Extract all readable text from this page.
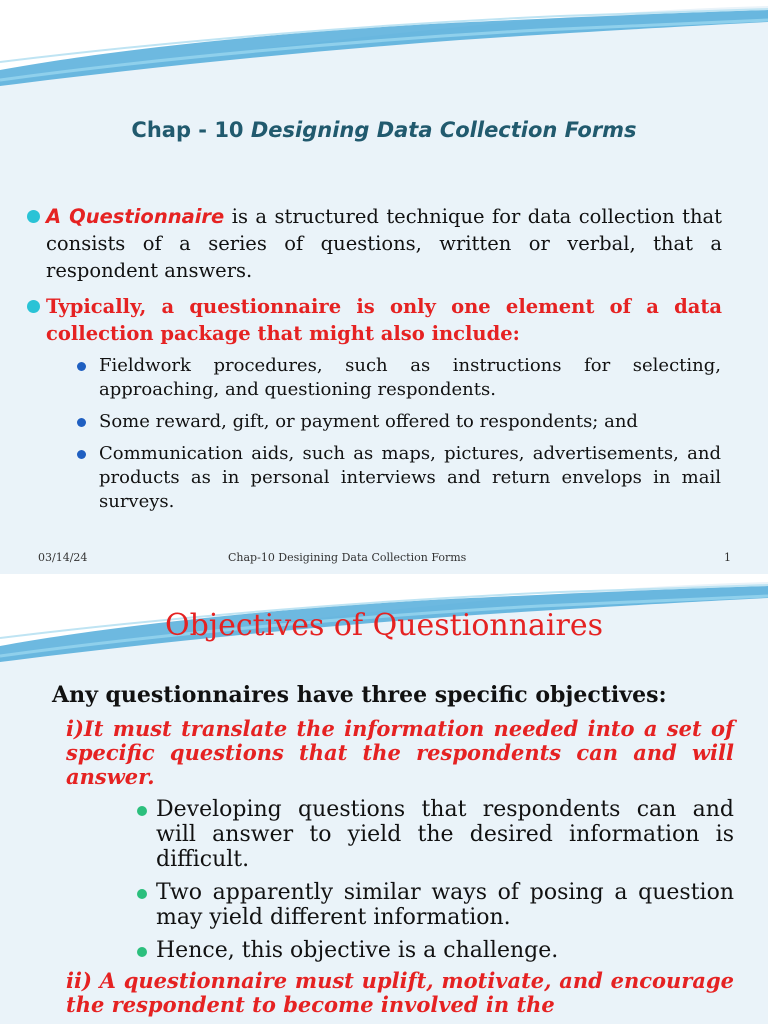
Chap - 10 Designing Data Collection Forms
A Questionnaire is a structured technique for data collection that consists of a series of questions, written or verbal, that a respondent answers.
Typically, a questionnaire is only one element of a data collection package that might also include:
Fieldwork procedures, such as instructions for selecting, approaching, and questioning respondents.
Some reward, gift, or payment offered to respondents; and
Communication aids, such as maps, pictures, advertisements, and products as in personal interviews and return envelops in mail surveys.
03/14/24	Chap-10 Desigining Data Collection Forms	1
Objectives of Questionnaires
Any questionnaires have three specific objectives:
i)It must translate the information needed into a set of specific questions that the respondents can and will answer.
Developing questions that respondents can and will answer to yield the desired information is difficult.
Two apparently similar ways of posing a question may yield different information.
Hence, this objective is a challenge.
ii) A questionnaire must uplift, motivate, and encourage the respondent to become involved in the
